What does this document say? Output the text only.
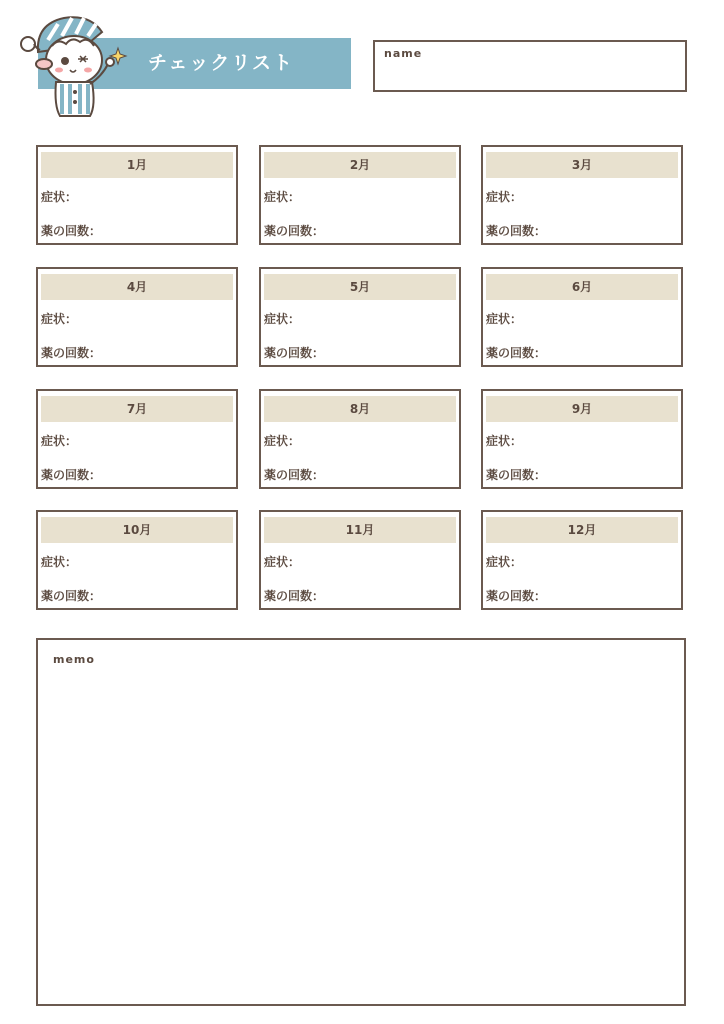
チェックリスト	name
1月
症状：
薬の回数：
2月
症状：
薬の回数：
3月
症状：
薬の回数：
4月
症状：
薬の回数：
5月
症状：
薬の回数：
6月
症状：
薬の回数：
7月
症状：
薬の回数：
8月
症状：
薬の回数：
9月
症状：
薬の回数：
10月
症状：
薬の回数：
11月
症状：
薬の回数：
12月
症状：
薬の回数：
memo
